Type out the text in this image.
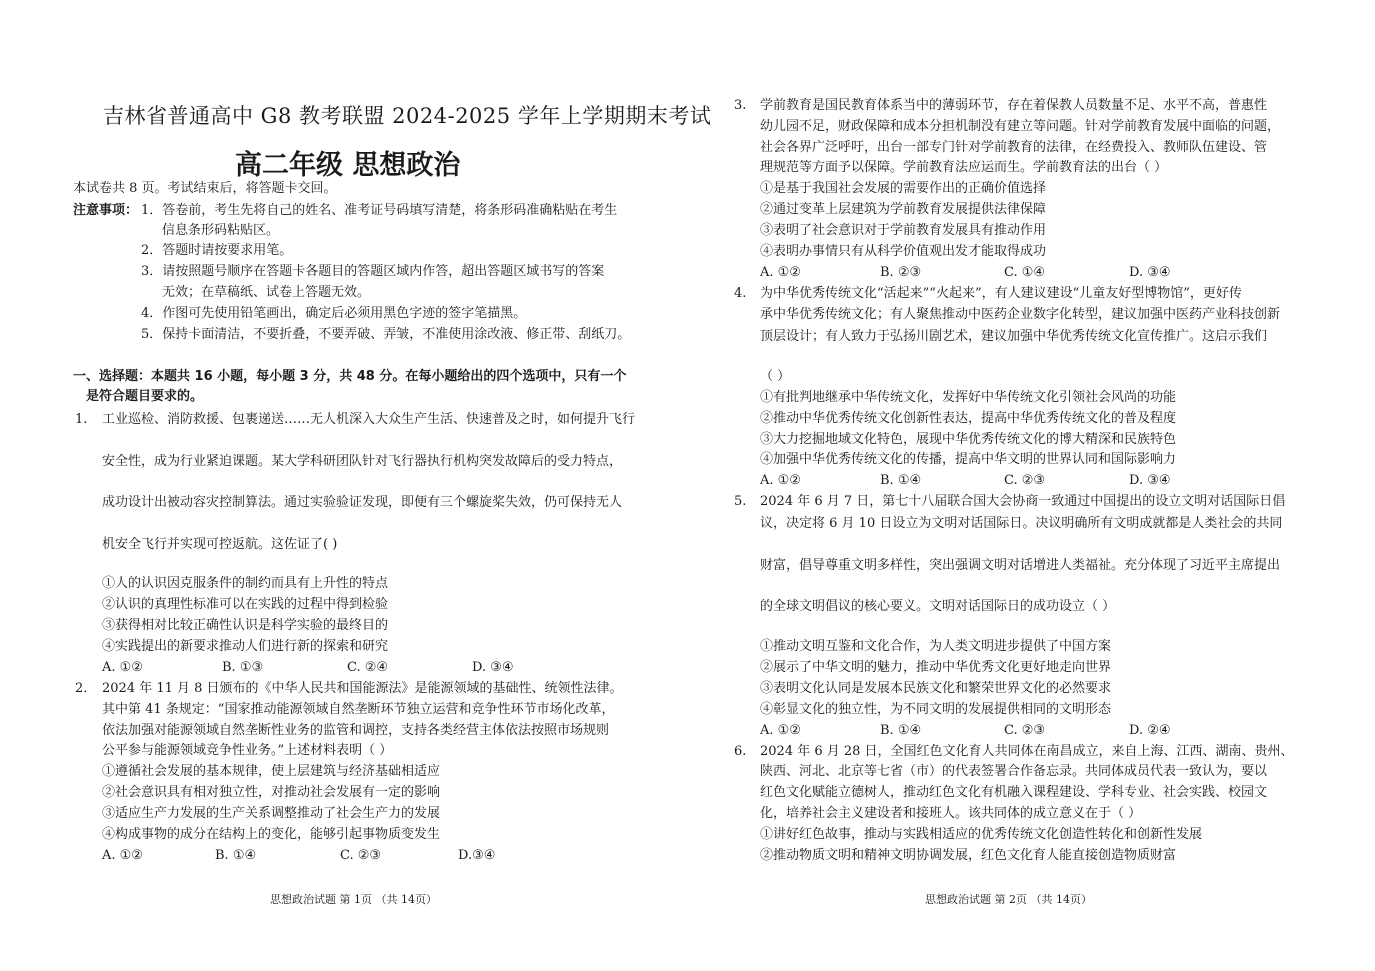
吉林省普通高中 G8 教考联盟 2024-2025 学年上学期期末考试
高二年级 思想政治
本试卷共 8 页。考试结束后，将答题卡交回。
注意事项： 1．答卷前，考生先将自己的姓名、准考证号码填写清楚，将条形码准确粘贴在考生
信息条形码粘贴区。
2．答题时请按要求用笔。
3．请按照题号顺序在答题卡各题目的答题区域内作答，超出答题区域书写的答案
无效；在草稿纸、试卷上答题无效。
4．作图可先使用铅笔画出，确定后必须用黑色字迹的签字笔描黑。
5．保持卡面清洁，不要折叠，不要弄破、弄皱，不准使用涂改液、修正带、刮纸刀。
一、选择题：本题共 16 小题，每小题 3 分，共 48 分。在每小题给出的四个选项中，只有一个
是符合题目要求的。
1. 工业巡检、消防救援、包裹递送……无人机深入大众生产生活、快速普及之时，如何提升飞行
安全性，成为行业紧迫课题。某大学科研团队针对飞行器执行机构突发故障后的受力特点，
成功设计出被动容灾控制算法。通过实验验证发现，即便有三个螺旋桨失效，仍可保持无人
机安全飞行并实现可控返航。这佐证了( )
①人的认识因克服条件的制约而具有上升性的特点
②认识的真理性标准可以在实践的过程中得到检验
③获得相对比较正确性认识是科学实验的最终目的
④实践提出的新要求推动人们进行新的探索和研究
A. ①②	B. ①③	C. ②④	D. ③④
2． 2024 年 11 月 8 日颁布的《中华人民共和国能源法》是能源领域的基础性、统领性法律。
其中第 41 条规定：“国家推动能源领域自然垄断环节独立运营和竞争性环节市场化改革，
依法加强对能源领域自然垄断性业务的监管和调控，支持各类经营主体依法按照市场规则
公平参与能源领域竞争性业务。”上述材料表明（ ）
①遵循社会发展的基本规律，使上层建筑与经济基础相适应
②社会意识具有相对独立性，对推动社会发展有一定的影响
③适应生产力发展的生产关系调整推动了社会生产力的发展
④构成事物的成分在结构上的变化，能够引起事物质变发生
A. ①②	B. ①④	C. ②③	D.③④
思想政治试题 第 1页 （共 14页）
3. 学前教育是国民教育体系当中的薄弱环节，存在着保教人员数量不足、水平不高，普惠性
幼儿园不足，财政保障和成本分担机制没有建立等问题。针对学前教育发展中面临的问题，
社会各界广泛呼吁，出台一部专门针对学前教育的法律，在经费投入、教师队伍建设、管
理规范等方面予以保障。学前教育法应运而生。学前教育法的出台（ ）
①是基于我国社会发展的需要作出的正确价值选择
②通过变革上层建筑为学前教育发展提供法律保障
③表明了社会意识对于学前教育发展具有推动作用
④表明办事情只有从科学价值观出发才能取得成功
A. ①②	B. ②③	C. ①④	D. ③④
4. 为中华优秀传统文化“活起来”“火起来”，有人建议建设“儿童友好型博物馆”，更好传
承中华优秀传统文化；有人聚焦推动中医药企业数字化转型，建议加强中医药产业科技创新
顶层设计；有人致力于弘扬川剧艺术，建议加强中华优秀传统文化宣传推广。这启示我们
（ ）
①有批判地继承中华传统文化，发挥好中华传统文化引领社会风尚的功能
②推动中华优秀传统文化创新性表达，提高中华优秀传统文化的普及程度
③大力挖掘地域文化特色，展现中华优秀传统文化的博大精深和民族特色
④加强中华优秀传统文化的传播，提高中华文明的世界认同和国际影响力
A. ①②	B. ①④	C. ②③	D. ③④
5. 2024 年 6 月 7 日，第七十八届联合国大会协商一致通过中国提出的设立文明对话国际日倡
议，决定将 6 月 10 日设立为文明对话国际日。决议明确所有文明成就都是人类社会的共同
财富，倡导尊重文明多样性，突出强调文明对话增进人类福祉。充分体现了习近平主席提出
的全球文明倡议的核心要义。文明对话国际日的成功设立（ ）
①推动文明互鉴和文化合作，为人类文明进步提供了中国方案
②展示了中华文明的魅力，推动中华优秀文化更好地走向世界
③表明文化认同是发展本民族文化和繁荣世界文化的必然要求
④彰显文化的独立性，为不同文明的发展提供相同的文明形态
A. ①②	B. ①④	C. ②③	D. ②④
6. 2024 年 6 月 28 日，全国红色文化育人共同体在南昌成立，来自上海、江西、湖南、贵州、
陕西、河北、北京等七省（市）的代表签署合作备忘录。共同体成员代表一致认为，要以
红色文化赋能立德树人，推动红色文化有机融入课程建设、学科专业、社会实践、校园文
化，培养社会主义建设者和接班人。该共同体的成立意义在于（ ）
①讲好红色故事，推动与实践相适应的优秀传统文化创造性转化和创新性发展
②推动物质文明和精神文明协调发展，红色文化育人能直接创造物质财富
思想政治试题 第 2页 （共 14页）
